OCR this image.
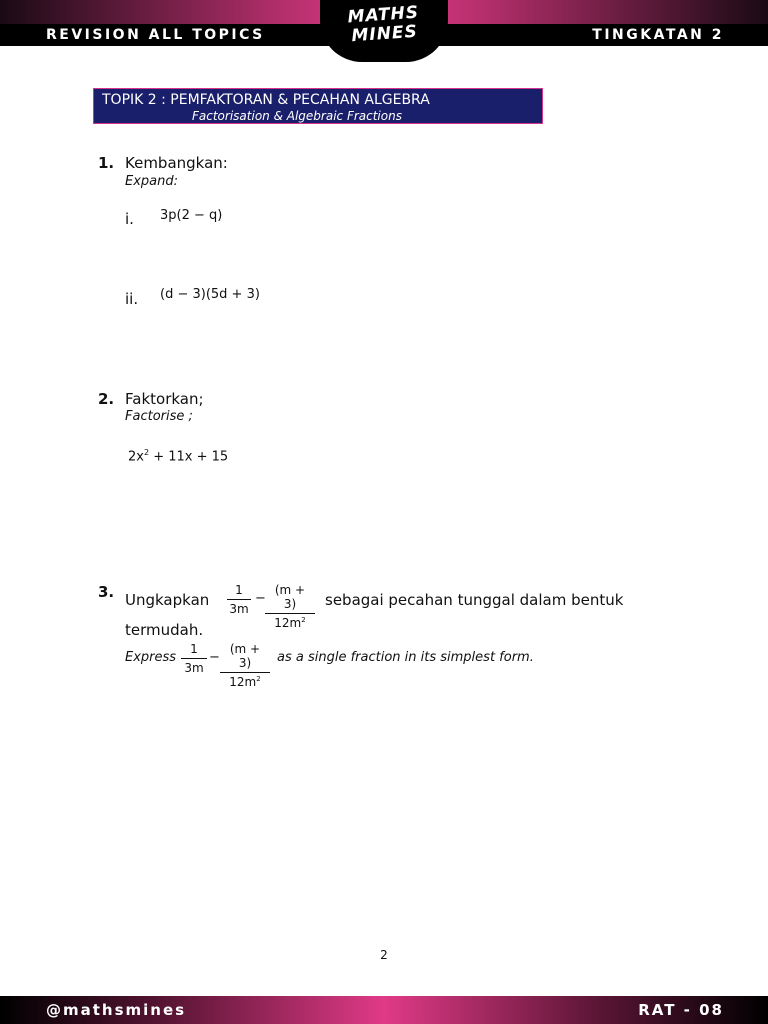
REVISION ALL TOPICS	TINGKATAN 2
MATHS
MINES
TOPIK 2 : PEMFAKTORAN & PECAHAN ALGEBRA
Factorisation & Algebraic Fractions
1. Kembangkan:
Expand:
i. 3p(2 − q)
ii. (d − 3)(5d + 3)
2. Faktorkan;
Factorise ;
$2x^2 + 11x + 15$
3. Ungkapkan $\frac{1}{3m} - \frac{(m + 3)}{12m^2}$ sebagai pecahan tunggal dalam bentuk
termudah.
Express $\frac{1}{3m} - \frac{(m + 3)}{12m^2}$ as a single fraction in its simplest form.
2
@mathsmines	RAT - 08
